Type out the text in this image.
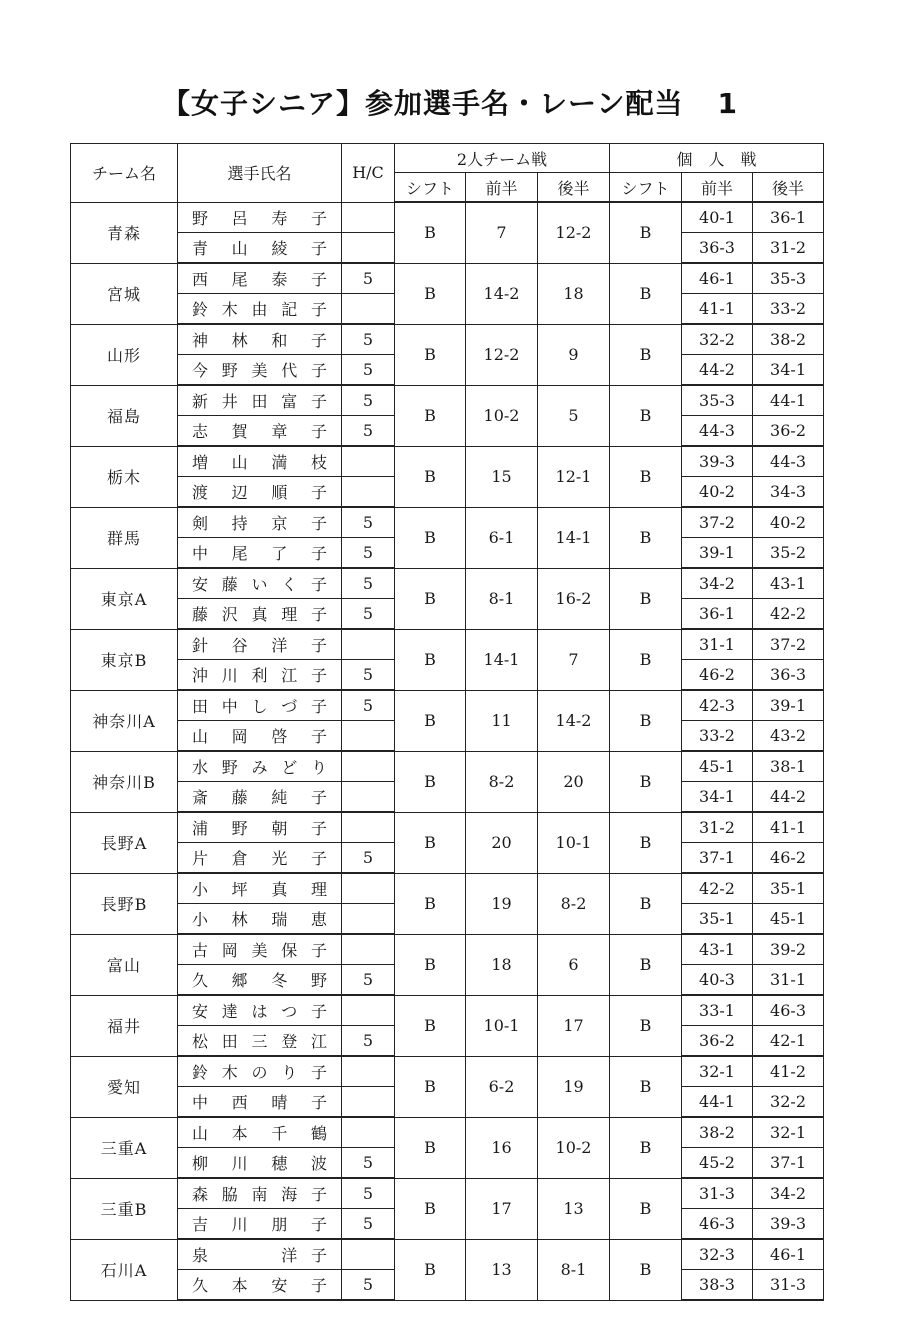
【女子シニア】参加選手名・レーン配当 1
チーム名	選手氏名	H/C	2人チーム戦			個　人　戦		
			シフト	前半	後半	シフト	前半	後半
青森	野呂寿子		B	7	12-2	B	40-1	36-1
	青山綾子						36-3	31-2
宮城	西尾泰子	5	B	14-2	18	B	46-1	35-3
	鈴木由記子						41-1	33-2
山形	神林和子	5	B	12-2	9	B	32-2	38-2
	今野美代子	5					44-2	34-1
福島	新井田富子	5	B	10-2	5	B	35-3	44-1
	志賀章子	5					44-3	36-2
栃木	増山満枝		B	15	12-1	B	39-3	44-3
	渡辺順子						40-2	34-3
群馬	剣持京子	5	B	6-1	14-1	B	37-2	40-2
	中尾了子	5					39-1	35-2
東京A	安藤いく子	5	B	8-1	16-2	B	34-2	43-1
	藤沢真理子	5					36-1	42-2
東京B	針谷洋子		B	14-1	7	B	31-1	37-2
	沖川利江子	5					46-2	36-3
神奈川A	田中しづ子	5	B	11	14-2	B	42-3	39-1
	山岡啓子						33-2	43-2
神奈川B	水野みどり		B	8-2	20	B	45-1	38-1
	斎藤純子						34-1	44-2
長野A	浦野朝子		B	20	10-1	B	31-2	41-1
	片倉光子	5					37-1	46-2
長野B	小坪真理		B	19	8-2	B	42-2	35-1
	小林瑞恵						35-1	45-1
富山	古岡美保子		B	18	6	B	43-1	39-2
	久郷冬野	5					40-3	31-1
福井	安達はつ子		B	10-1	17	B	33-1	46-3
	松田三登江	5					36-2	42-1
愛知	鈴木のり子		B	6-2	19	B	32-1	41-2
	中西晴子						44-1	32-2
三重A	山本千鶴		B	16	10-2	B	38-2	32-1
	柳川穂波	5					45-2	37-1
三重B	森脇南海子	5	B	17	13	B	31-3	34-2
	吉川朋子	5					46-3	39-3
石川A	泉　　洋子		B	13	8-1	B	32-3	46-1
	久本安子	5					38-3	31-3
